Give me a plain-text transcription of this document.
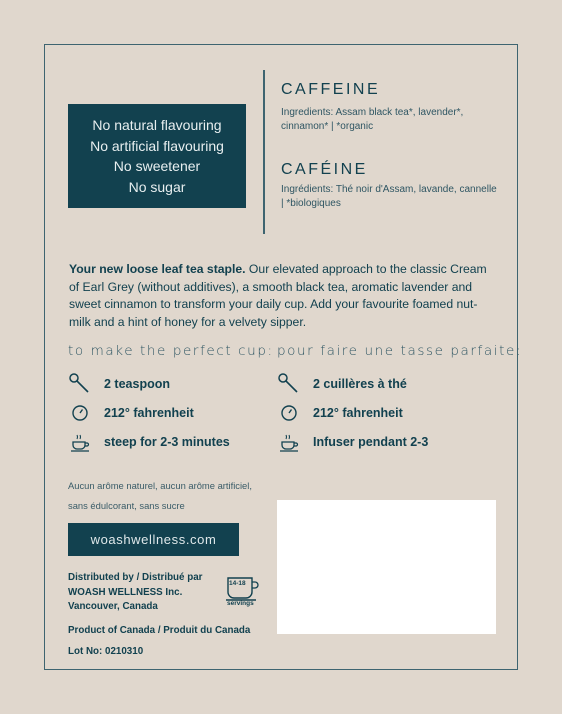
No natural flavouring
No artificial flavouring
No sweetener
No sugar
CAFFEINE
Ingredients: Assam black tea*, lavender*, cinnamon* | *organic
CAFÉINE
Ingrédients: Thé noir d'Assam, lavande, cannelle | *biologiques
Your new loose leaf tea staple. Our elevated approach to the classic Cream of Earl Grey (without additives), a smooth black tea, aromatic lavender and sweet cinnamon to transform your daily cup. Add your favourite foamed nut-milk and a hint of honey for a velvety sipper.
to make the perfect cup: pour faire une tasse parfaite:
2 teaspoon
212° fahrenheit
steep for 2-3 minutes
2 cuillères à thé
212° fahrenheit
Infuser pendant 2-3
Aucun arôme naturel, aucun arôme artificiel, sans édulcorant, sans sucre
woashwellness.com
Distributed by / Distribué par
WOASH WELLNESS Inc.
Vancouver, Canada
14-18
servings
Product of Canada / Produit du Canada
Lot No: 0210310
